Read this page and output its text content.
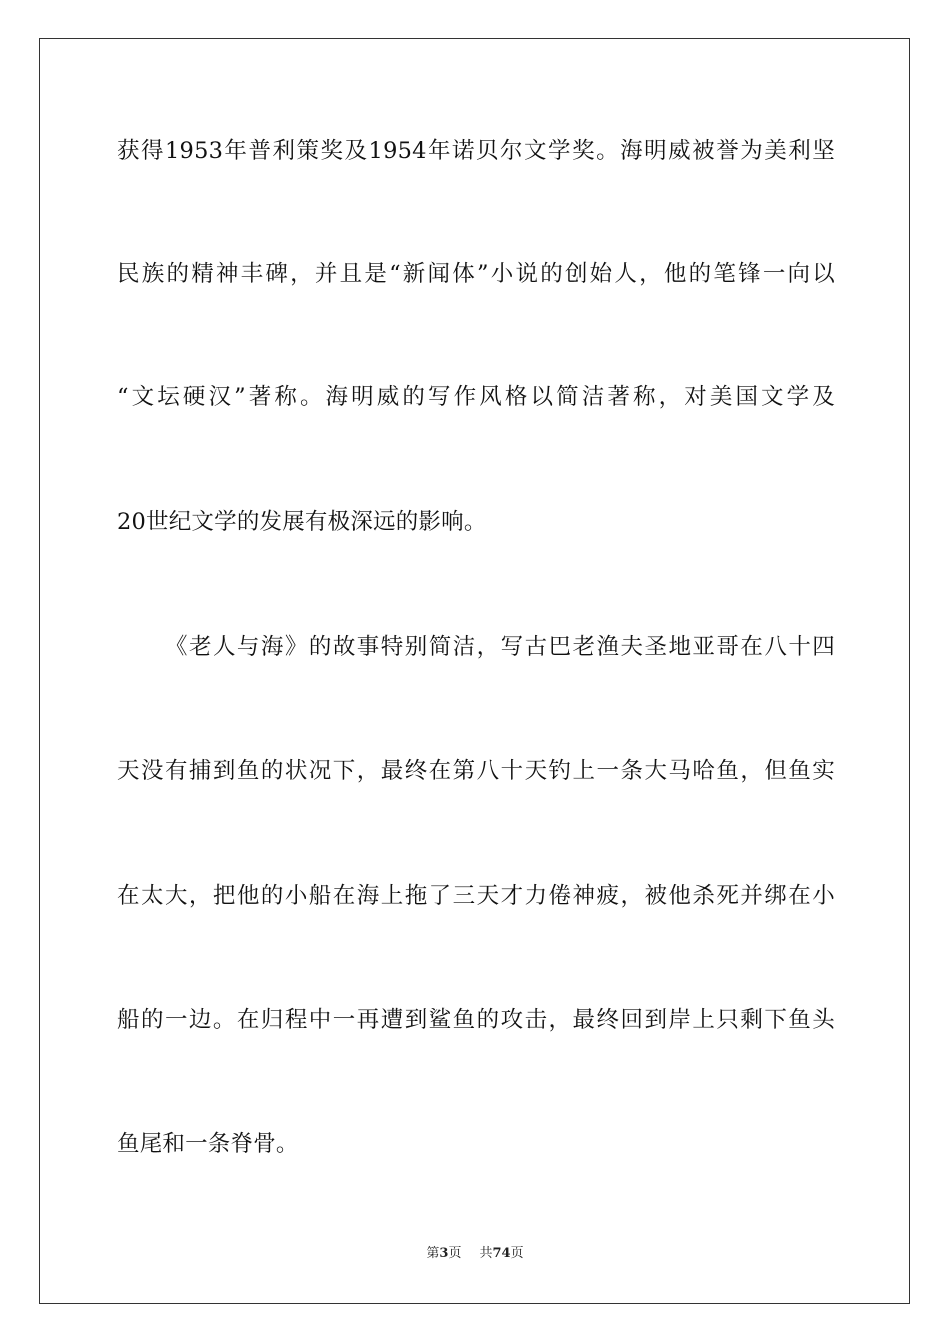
获得1953年普利策奖及1954年诺贝尔文学奖。海明威被誉为美利坚
民族的精神丰碑，并且是“新闻体”小说的创始人，他的笔锋一向以
“文坛硬汉”著称。海明威的写作风格以简洁著称，对美国文学及
20世纪文学的发展有极深远的影响。
《老人与海》的故事特别简洁，写古巴老渔夫圣地亚哥在八十四
天没有捕到鱼的状况下，最终在第八十天钓上一条大马哈鱼，但鱼实
在太大，把他的小船在海上拖了三天才力倦神疲，被他杀死并绑在小
船的一边。在归程中一再遭到鲨鱼的攻击，最终回到岸上只剩下鱼头
鱼尾和一条脊骨。
第3页 共74页
